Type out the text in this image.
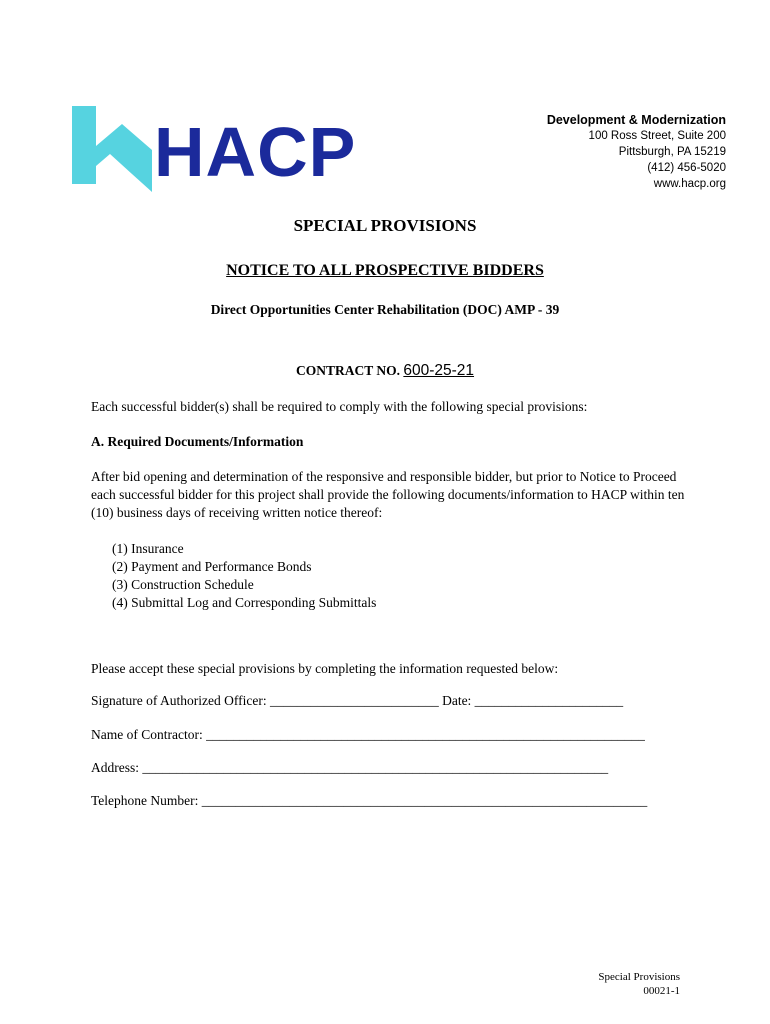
HACP	Development & Modernization
100 Ross Street, Suite 200
Pittsburgh, PA 15219
(412) 456-5020
www.hacp.org
SPECIAL PROVISIONS
NOTICE TO ALL PROSPECTIVE BIDDERS
Direct Opportunities Center Rehabilitation (DOC) AMP - 39
CONTRACT NO. 600-25-21
Each successful bidder(s) shall be required to comply with the following special provisions:
A. Required Documents/Information
After bid opening and determination of the responsive and responsible bidder, but prior to Notice to Proceed each successful bidder for this project shall provide the following documents/information to HACP within ten (10) business days of receiving written notice thereof:
(1) Insurance
(2) Payment and Performance Bonds
(3) Construction Schedule
(4) Submittal Log and Corresponding Submittals
Please accept these special provisions by completing the information requested below:
Signature of Authorized Officer: _________________________ Date: ______________________
Name of Contractor: _________________________________________________________________
Address: _____________________________________________________________________
Telephone Number: __________________________________________________________________
Special Provisions
00021-1
